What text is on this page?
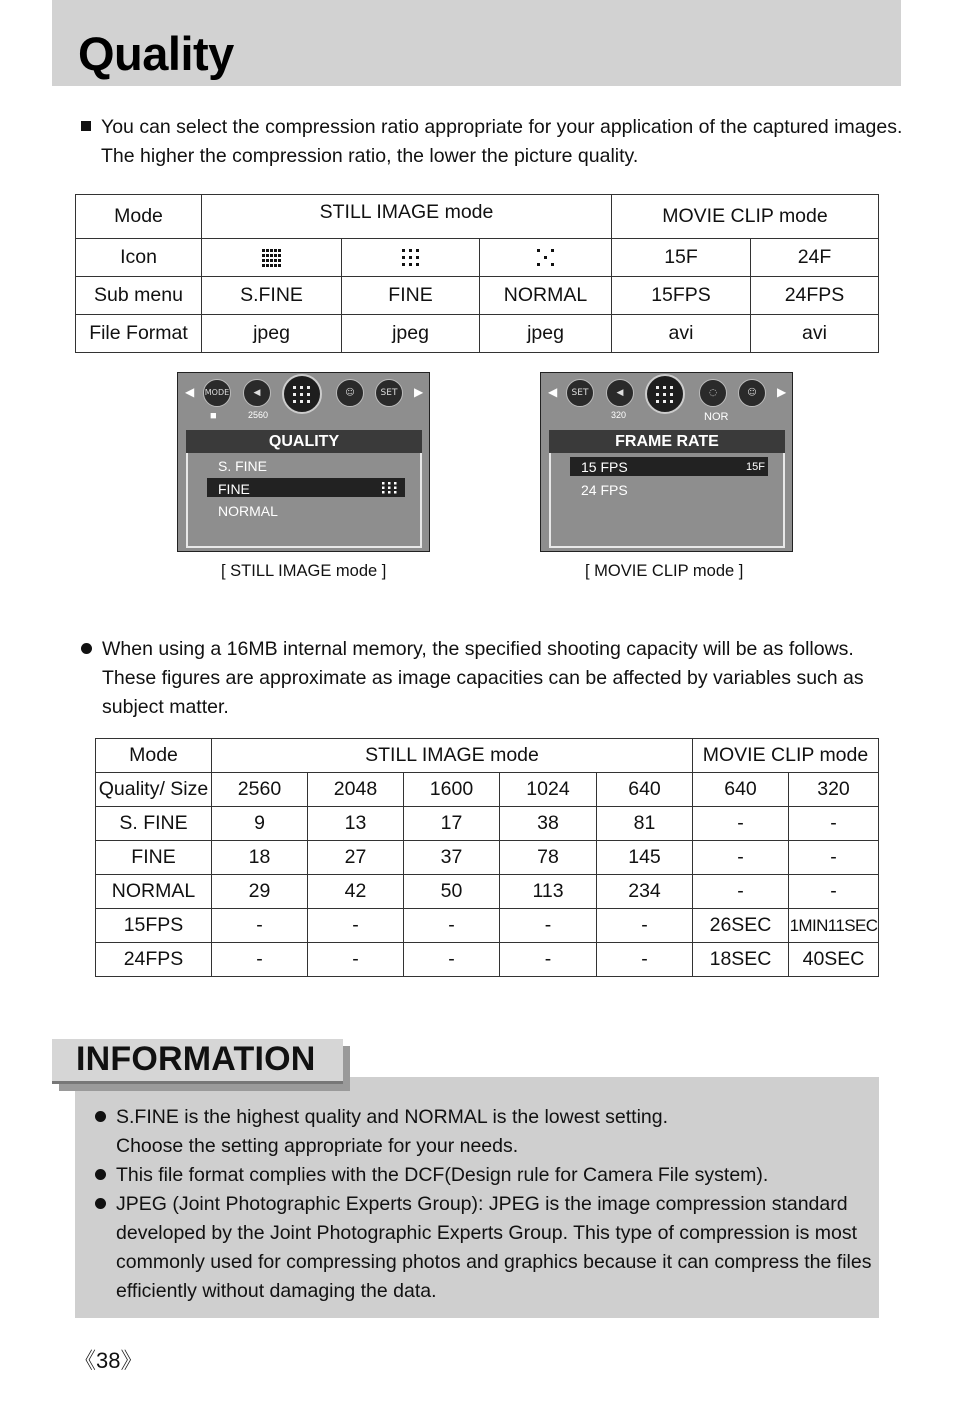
Quality
You can select the compression ratio appropriate for your application of the captured images.
The higher the compression ratio, the lower the picture quality.
Mode	STILL IMAGE mode			MOVIE CLIP mode	
Icon				15F	24F
Sub menu	S.FINE	FINE	NORMAL	15FPS	24FPS
File Format	jpeg	jpeg	jpeg	avi	avi
◀ MODE	◀	☺	SET	▶
■	2560
QUALITY
S. FINE
FINE
NORMAL
◀	SET	◀	◌	☺	▶
320	NOR
FRAME RATE
15 FPS	15F
24 FPS
[ STILL IMAGE mode ]	[ MOVIE CLIP mode ]
When using a 16MB internal memory, the specified shooting capacity will be as follows.
These figures are approximate as image capacities can be affected by variables such as
subject matter.
Mode	STILL IMAGE mode					MOVIE CLIP mode	
Quality/ Size	2560	2048	1600	1024	640	640	320
S. FINE	9	13	17	38	81	-	-
FINE	18	27	37	78	145	-	-
NORMAL	29	42	50	113	234	-	-
15FPS	-	-	-	-	-	26SEC	1MIN11SEC
24FPS	-	-	-	-	-	18SEC	40SEC
INFORMATION
S.FINE is the highest quality and NORMAL is the lowest setting.
Choose the setting appropriate for your needs.
This file format complies with the DCF(Design rule for Camera File system).
JPEG (Joint Photographic Experts Group): JPEG is the image compression standard
developed by the Joint Photographic Experts Group. This type of compression is most
commonly used for compressing photos and graphics because it can compress the files
efficiently without damaging the data.
《38》
